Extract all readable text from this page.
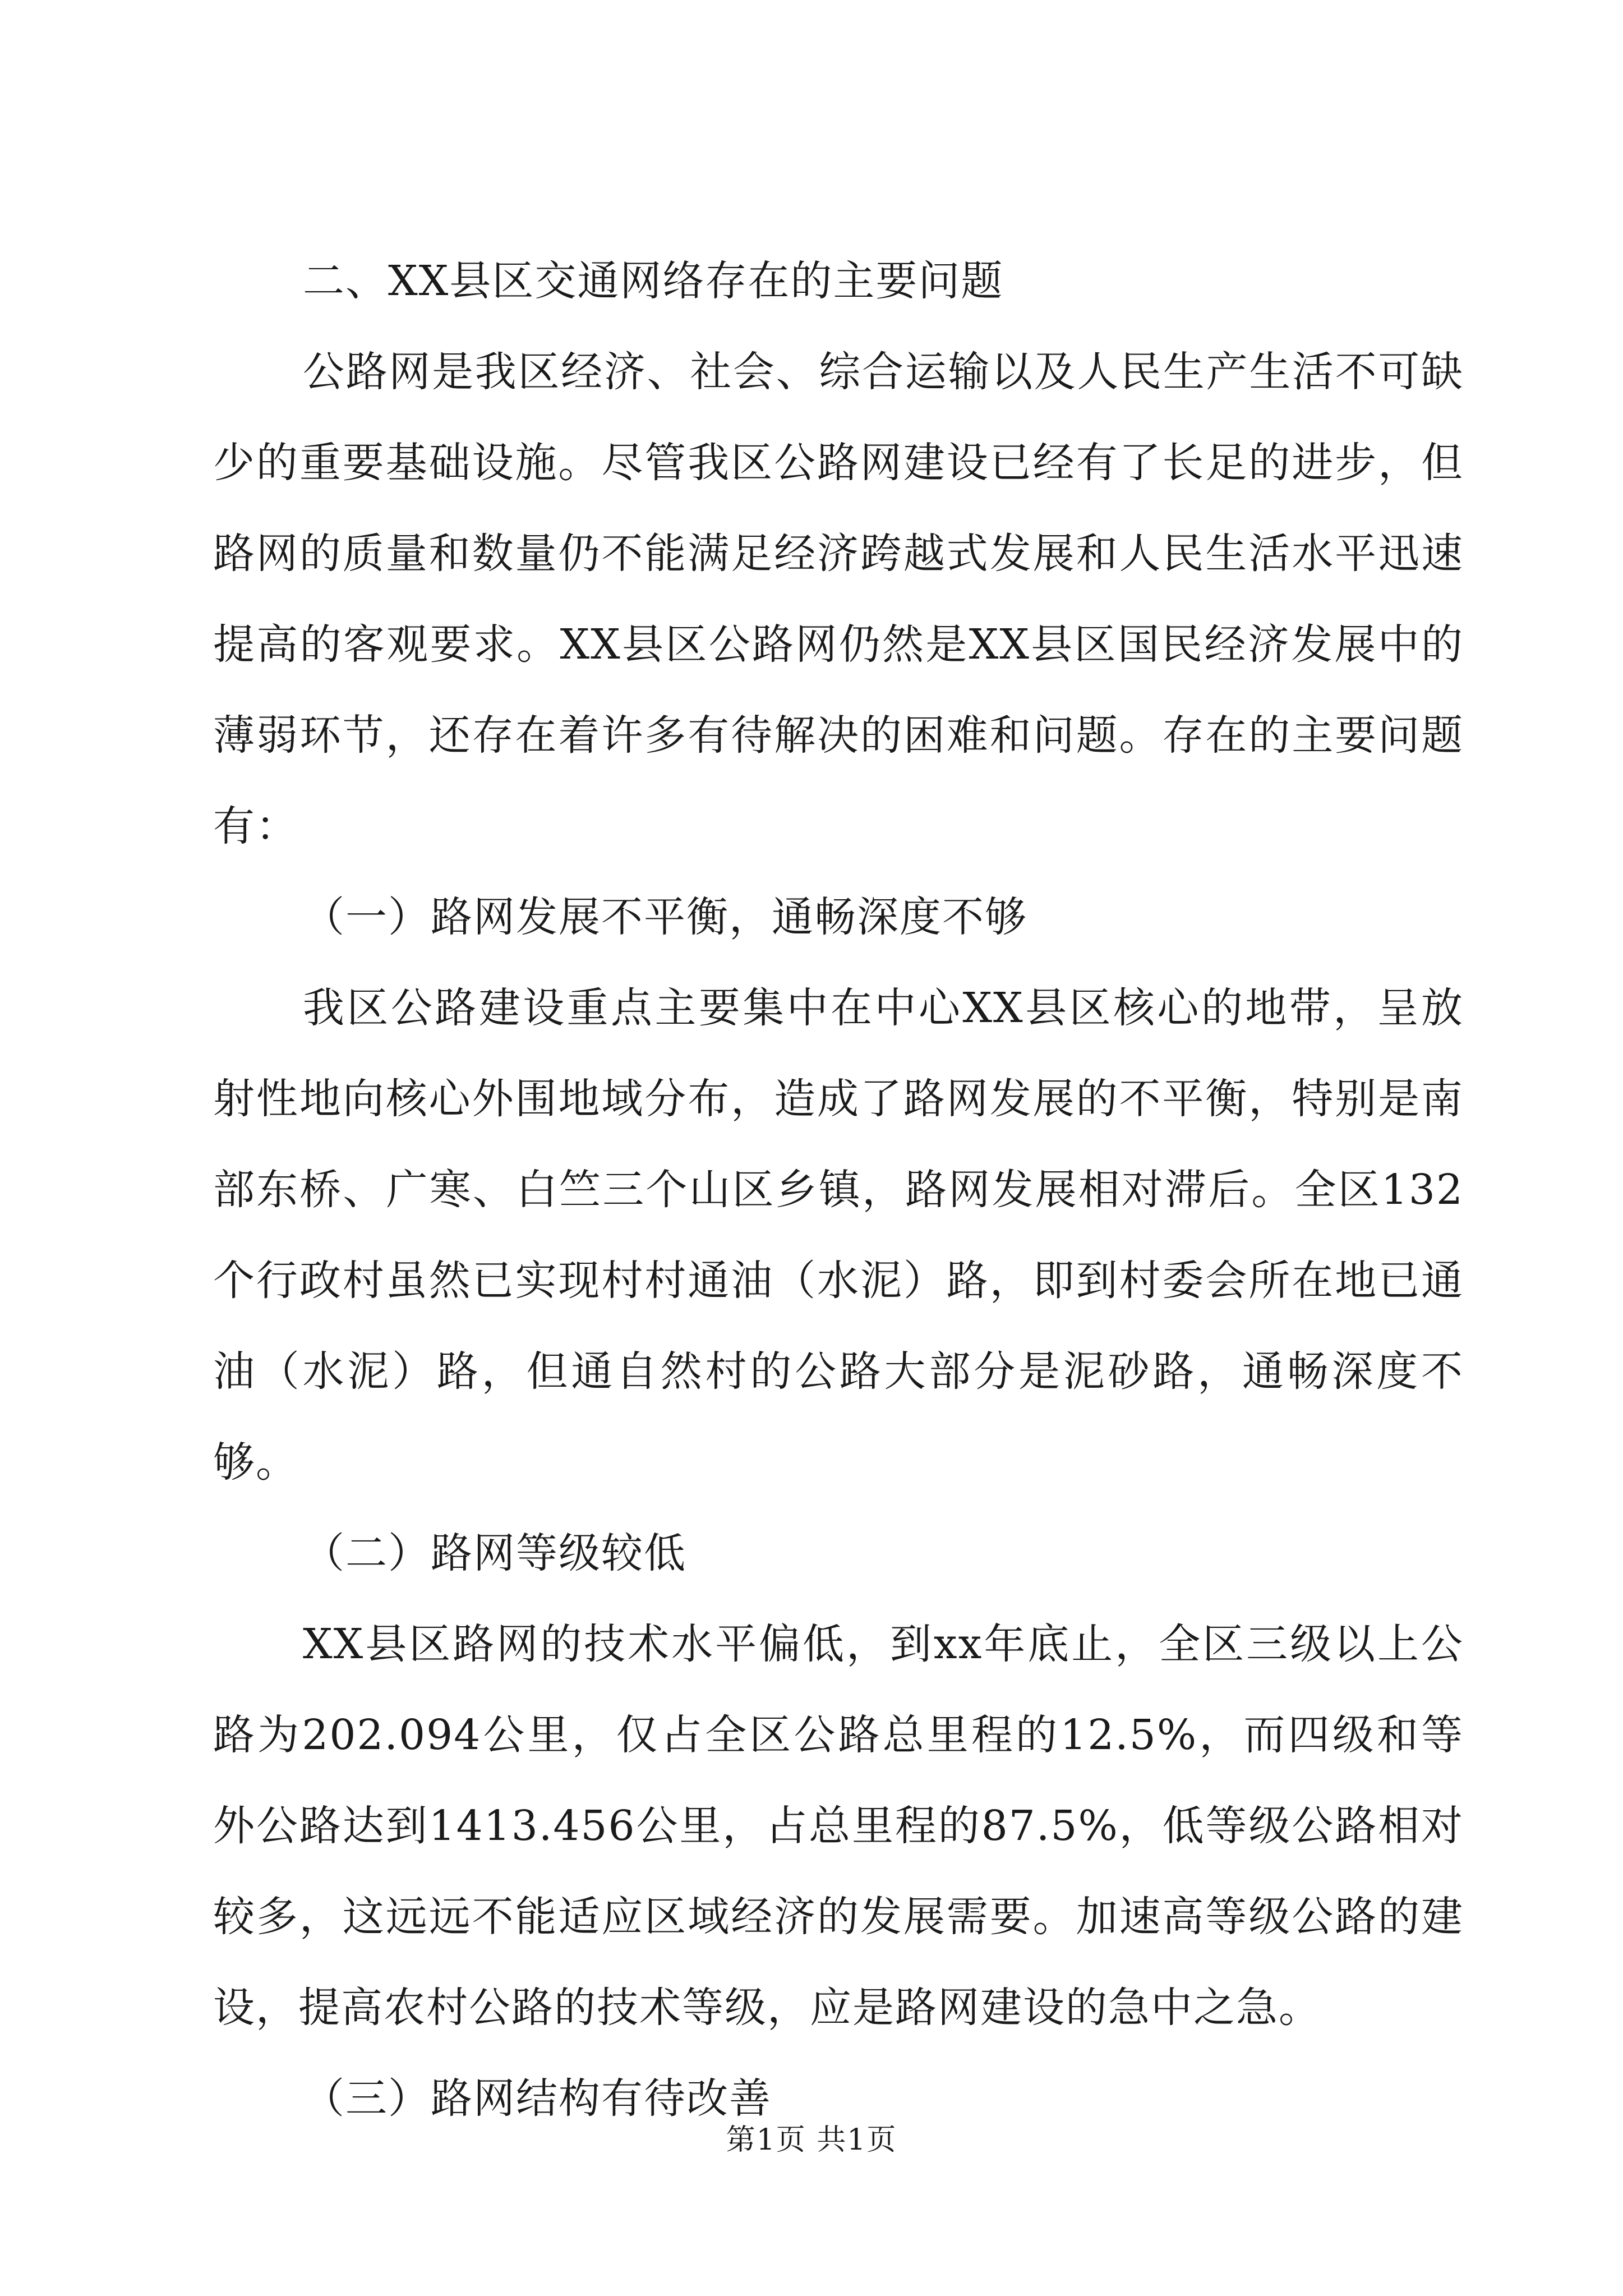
二、XX县区交通网络存在的主要问题

公路网是我区经济、社会、综合运输以及人民生产生活不可缺少的重要基础设施。尽管我区公路网建设已经有了长足的进步，但路网的质量和数量仍不能满足经济跨越式发展和人民生活水平迅速提高的客观要求。XX县区公路网仍然是XX县区国民经济发展中的薄弱环节，还存在着许多有待解决的困难和问题。存在的主要问题有：

（一）路网发展不平衡，通畅深度不够

我区公路建设重点主要集中在中心XX县区核心的地带，呈放射性地向核心外围地域分布，造成了路网发展的不平衡，特别是南部东桥、广寒、白竺三个山区乡镇，路网发展相对滞后。全区132个行政村虽然已实现村村通油（水泥）路，即到村委会所在地已通油（水泥）路，但通自然村的公路大部分是泥砂路，通畅深度不够。

（二）路网等级较低

XX县区路网的技术水平偏低，到xx年底止，全区三级以上公路为202.094公里，仅占全区公路总里程的12.5%，而四级和等外公路达到1413.456公里，占总里程的87.5%，低等级公路相对较多，这远远不能适应区域经济的发展需要。加速高等级公路的建设，提高农村公路的技术等级，应是路网建设的急中之急。

（三）路网结构有待改善

第1页 共1页
